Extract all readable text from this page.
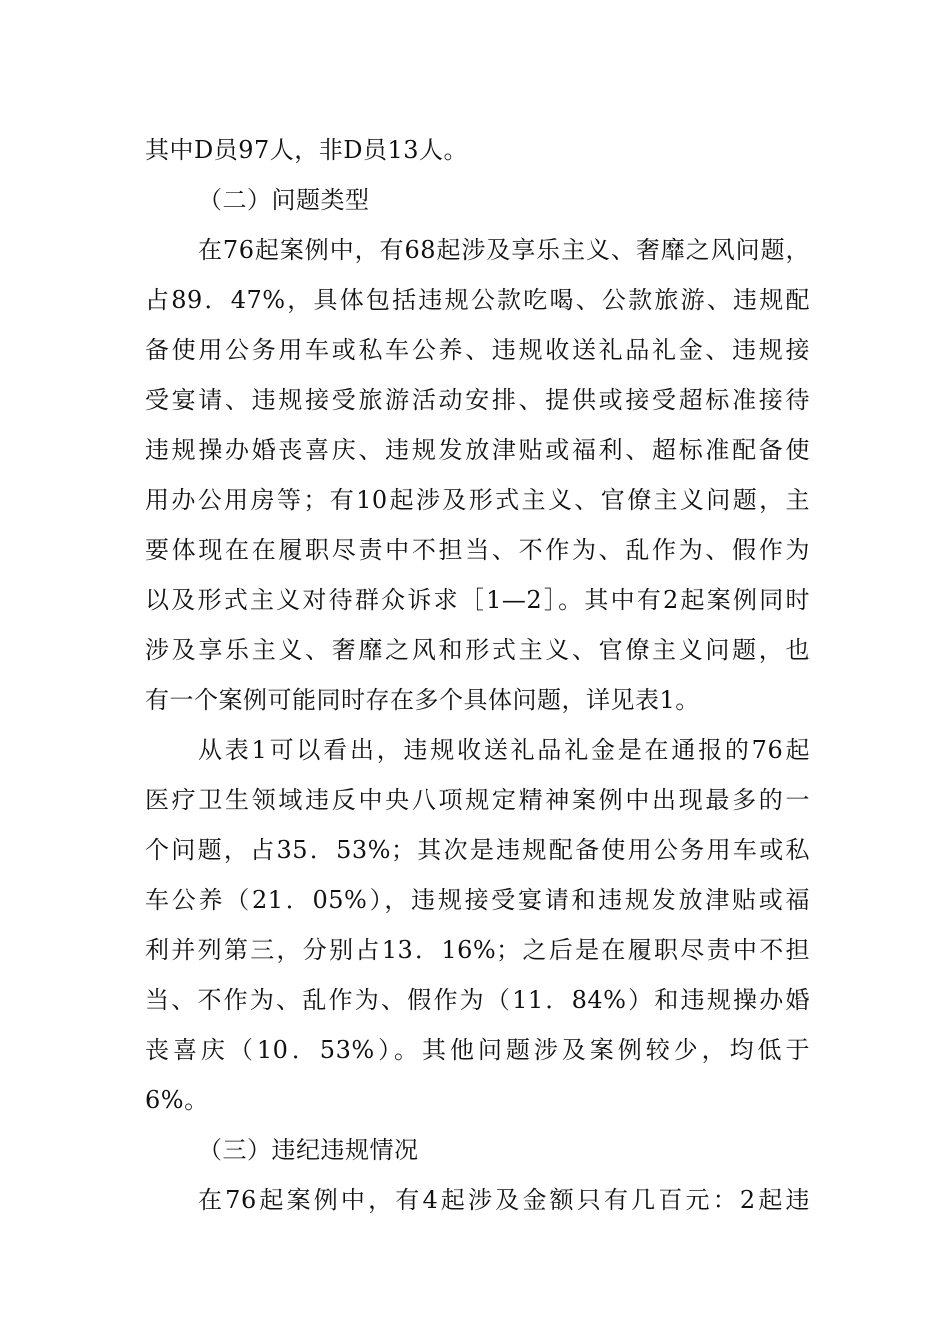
其中D员97人，非D员13人。
（二）问题类型
在76起案例中，有68起涉及享乐主义、奢靡之风问题，
占89．47%，具体包括违规公款吃喝、公款旅游、违规配
备使用公务用车或私车公养、违规收送礼品礼金、违规接
受宴请、违规接受旅游活动安排、提供或接受超标准接待
违规操办婚丧喜庆、违规发放津贴或福利、超标准配备使
用办公用房等；有10起涉及形式主义、官僚主义问题，主
要体现在在履职尽责中不担当、不作为、乱作为、假作为
以及形式主义对待群众诉求［1—2］。其中有2起案例同时
涉及享乐主义、奢靡之风和形式主义、官僚主义问题，也
有一个案例可能同时存在多个具体问题，详见表1。
从表1可以看出，违规收送礼品礼金是在通报的76起
医疗卫生领域违反中央八项规定精神案例中出现最多的一
个问题，占35．53%；其次是违规配备使用公务用车或私
车公养（21．05%），违规接受宴请和违规发放津贴或福
利并列第三，分别占13．16%；之后是在履职尽责中不担
当、不作为、乱作为、假作为（11．84%）和违规操办婚
丧喜庆（10．53%）。其他问题涉及案例较少，均低于
6%。
（三）违纪违规情况
在76起案例中，有4起涉及金额只有几百元：2起违
